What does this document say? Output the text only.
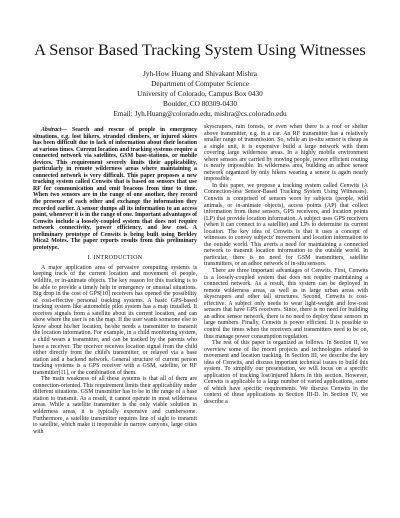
A Sensor Based Tracking System Using Witnesses
Jyh-How Huang and Shivakant Mishra
Department of Computer Science
University of Colorado, Campus Box 0430
Boulder, CO 80309-0430
Email: Jyh.Huang@colorado.edu, mishra@cs.colorado.edu

Abstract— Search and rescue of people in emergency situations, e.g. lost hikers, stranded climbers, or injured skiers has been difficult due to lack of information about their location at various times. Current location and tracking systems require a connected network via satellites, GSM base-stations, or mobile devices. This requirement severely limits their applicability, particularly in remote wilderness areas where maintaining a connected network is very difficult. This paper proposes a new tracking system called Cenwits that is based on sensors that use RF for communication and emit beacons from time to time. When two sensors are in the range of one another, they record the presence of each other and exchange the information they recorded earlier. A sensor dumps all its information to an access point, whenever it is in the range of one. Important advantages of Cenwits include a loosely-coupled system that does not require network connectivity, power efficiency, and low cost. A preliminary prototype of Cenwits is being built using Berkley Mica2 Motes. The paper reports results from this preliminary prototype.

I. INTRODUCTION

A major application area of pervasive computing systems is keeping track of the current location and movement of people, wildlife, or in-animate objects. The key reason for this tracking is to be able to provide a timely help in emergency or unusual situations. Big drop in the cost of GPS[10] receivers has opened the possibility of cost-effective personal tracking systems. A basic GPS-based tracking system like automobile pilot system has a map installed. It receives signals from a satellite about its current location, and can show where the user is on the map. If the user wants someone else to know about his/her location, he/she needs a transmitter to transmit the location information. For example, in a child monitoring system, a child wears a transmitter, and can be tracked by the parents who have a receiver. The receiver receives location signal from the child either directly from the child's transmitter, or relayed via a base station and a backend network. General structure of current person tracking systems is a GPS receiver with a GSM, satellite, or RF transmitter[11], or the combination of them.

The main weakness of all these systems is that all of them are connection-oriented. This requirement limits their applicability under different situations. GSM transmitter has to be in the range of a base station to transmit. As a result, it cannot operate in most wilderness areas. While a satellite transmitter is the only viable solution in wilderness areas, it is typically expensive and cumbersome. Furthermore, a satellite transmitter requires line of sight to transmit to satellite, which make it inoperable in narrow canyons, large cities with

skyscrapers, rain forests, or even when there is a roof or shelter above transmitter, e.g. in a car. An RF transmitter has a relatively smaller range of transmission. So, while an in-situ sensor is cheap as a single unit, it is expensive build a large network with them covering large wilderness areas. In a highly mobile environment where sensors are carried by moving people, power efficient routing is nearly impossible. In wilderness area, building an adhoc sensor network organized by only hikers wearing a sensor is again nearly impossible.

In this paper, we propose a tracking system called Cenwits (A Connection-less Sensor-Based Tracking System Using Witnesses). Cenwits is comprised of sensors worn by subjects (people, wild animals, or in-animate objects), access points (AP) that collect information from these sensors, GPS receivers, and location points (LP) that provide location information. A subject uses GPS receivers (when it can connect to a satellite) and LPs to determine its current location. The key idea of Cenwits is that it uses a concept of witnesses to convey subjects' movement and location information to the outside world. This averts a need for maintaining a connected network to transmit location information to the outside world. In particular, there is no need for GSM transmitters, satellite transmitters, or an adhoc network of in-situ sensors.

There are three important advantages of Cenwits. First, Cenwits is a loosely-coupled system that does not require maintaining a connected network. As a result, this system can be deployed in remote wilderness areas, as well as in large urban areas with skyscrapers and other tall structures. Second, Cenwits is cost-effective. A subject only needs to wear light-weight and low-cost sensors that have GPS receivers. Since, there is no need for building an adhoc sensor network, there is no need to deploy these sensors in large numbers. Finally, Cenwits is power efficient. It is possible to control the times when the receivers and transmitters need to be on, thus manage power consumption regulation.

The rest of this paper is organized as follows. In Section II, we overview some of the recent projects and technologies related to movement and location tracking. In Section III, we describe the key idea of Cenwits, and discuss important technical issues to build this system. To simplify our presentation, we will focus on a specific application of tracking lost/injured hikers in this section. However, Cenwits is applicable to a large number of varied applications, some of which have specific requirements. We discuss Cenwits in the context of these applications in Section III-D. In Section IV, we describe a
